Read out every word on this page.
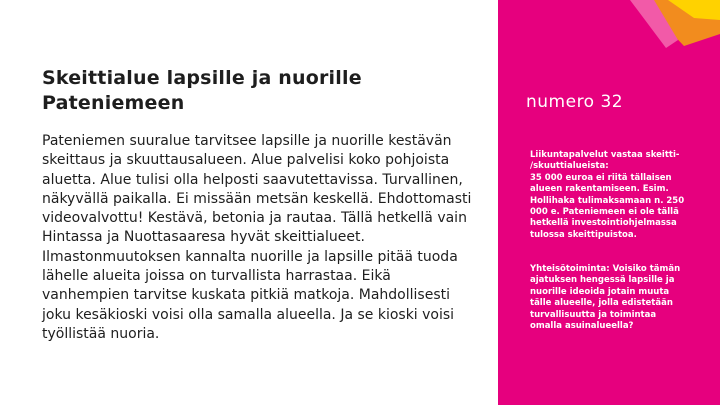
Skeittialue lapsille ja nuorille
Pateniemeen

Pateniemen suuralue tarvitsee lapsille ja nuorille kestävän
skeittaus ja skuuttausalueen. Alue palvelisi koko pohjoista
aluetta. Alue tulisi olla helposti saavutettavissa. Turvallinen,
näkyvällä paikalla. Ei missään metsän keskellä. Ehdottomasti
videovalvottu! Kestävä, betonia ja rautaa. Tällä hetkellä vain
Hintassa ja Nuottasaaresa hyvät skeittialueet.
Ilmastonmuutoksen kannalta nuorille ja lapsille pitää tuoda
lähelle alueita joissa on turvallista harrastaa. Eikä
vanhempien tarvitse kuskata pitkiä matkoja. Mahdollisesti
joku kesäkioski voisi olla samalla alueella. Ja se kioski voisi
työllistää nuoria.

numero 32

Liikuntapalvelut vastaa skeitti-
/skuuttialueista:
35 000 euroa ei riitä tällaisen
alueen rakentamiseen. Esim.
Hollihaka tulimaksamaan n. 250
000 e. Pateniemeen ei ole tällä
hetkellä investointiohjelmassa
tulossa skeittipuistoa.

Yhteisötoiminta: Voisiko tämän
ajatuksen hengessä lapsille ja
nuorille ideoida jotain muuta
tälle alueelle, jolla edistetään
turvallisuutta ja toimintaa
omalla asuinalueella?
